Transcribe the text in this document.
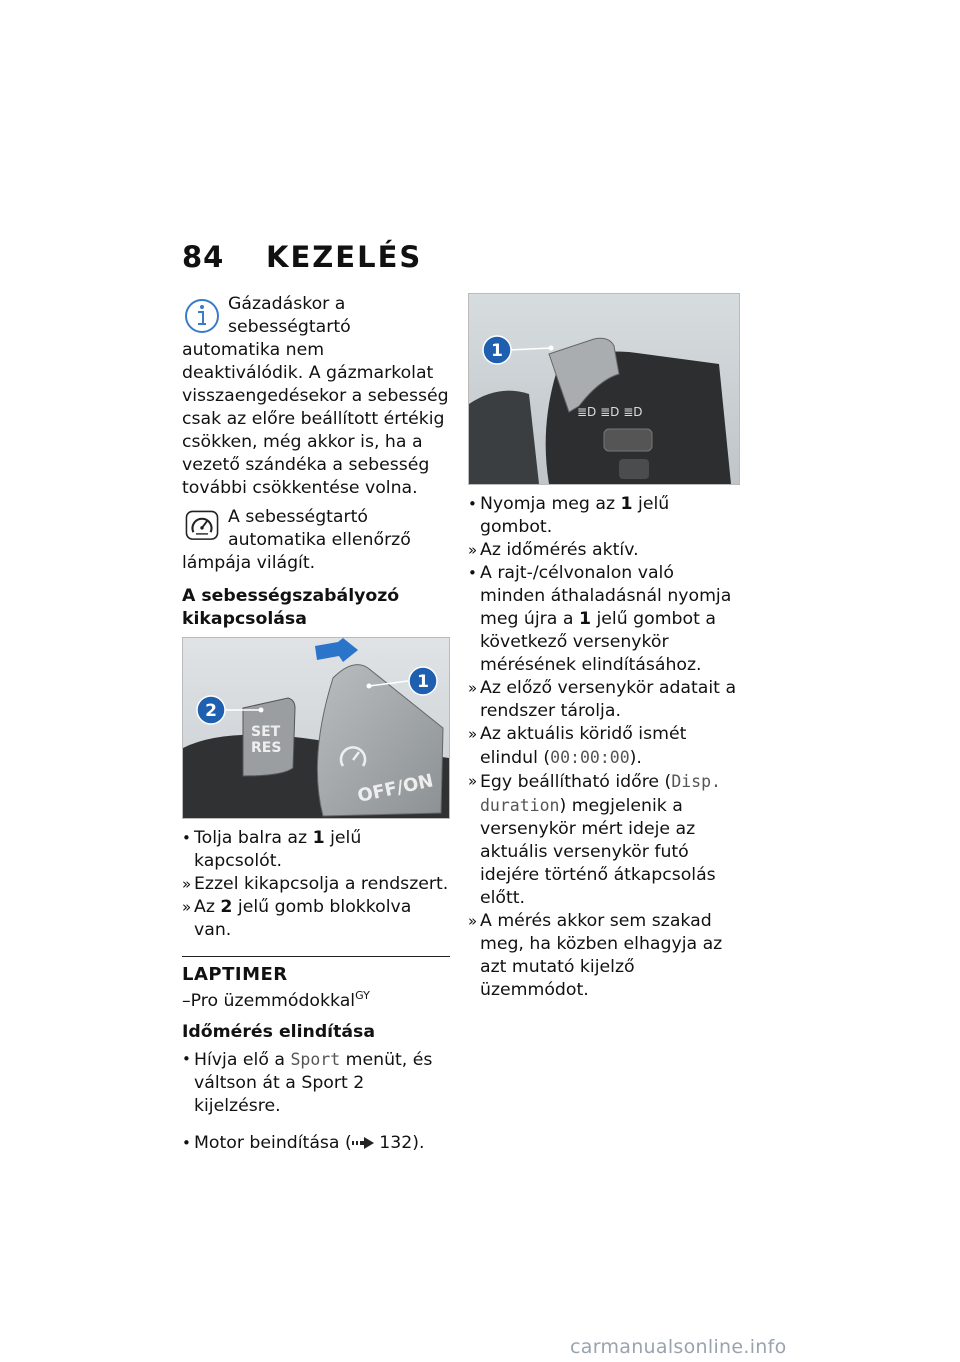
84 KEZELÉS

Gázadáskor a sebességtartó automatika nem deaktiválódik. A gázmarkolat visszaengedésekor a sebesség csak az előre beállított értékig csökken, még akkor is, ha a vezető szándéka a sebesség további csökkentése volna.

A sebességtartó automatika ellenőrző lámpája világít.

A sebességszabályozó kikapcsolása
SET
RES
OFF/ON
1
2

• Tolja balra az 1 jelű kapcsolót.

» Ezzel kikapcsolja a rendszert.

» Az 2 jelű gomb blokkolva van.

LAPTIMER

–Pro üzemmódokkal$^{GY}$

Időmérés elindítása

• Hívja elő a Sport menüt, és váltson át a Sport 2 kijelzésre.

• Motor beindítása ( 132).

≣D ≣D ≣D
1

• Nyomja meg az 1 jelű gombot.

» Az időmérés aktív.

• A rajt-/célvonalon való minden áthaladásnál nyomja meg újra a 1 jelű gombot a következő versenykör mérésének elindításához.

» Az előző versenykör adatait a rendszer tárolja.

» Az aktuális köridő ismét elindul (00:00:00).

» Egy beállítható időre (Disp. duration) megjelenik a versenykör mért ideje az aktuális versenykör futó idejére történő átkapcsolás előtt.

» A mérés akkor sem szakad meg, ha közben elhagyja az azt mutató kijelző üzemmódot.

carmanualsonline.info
